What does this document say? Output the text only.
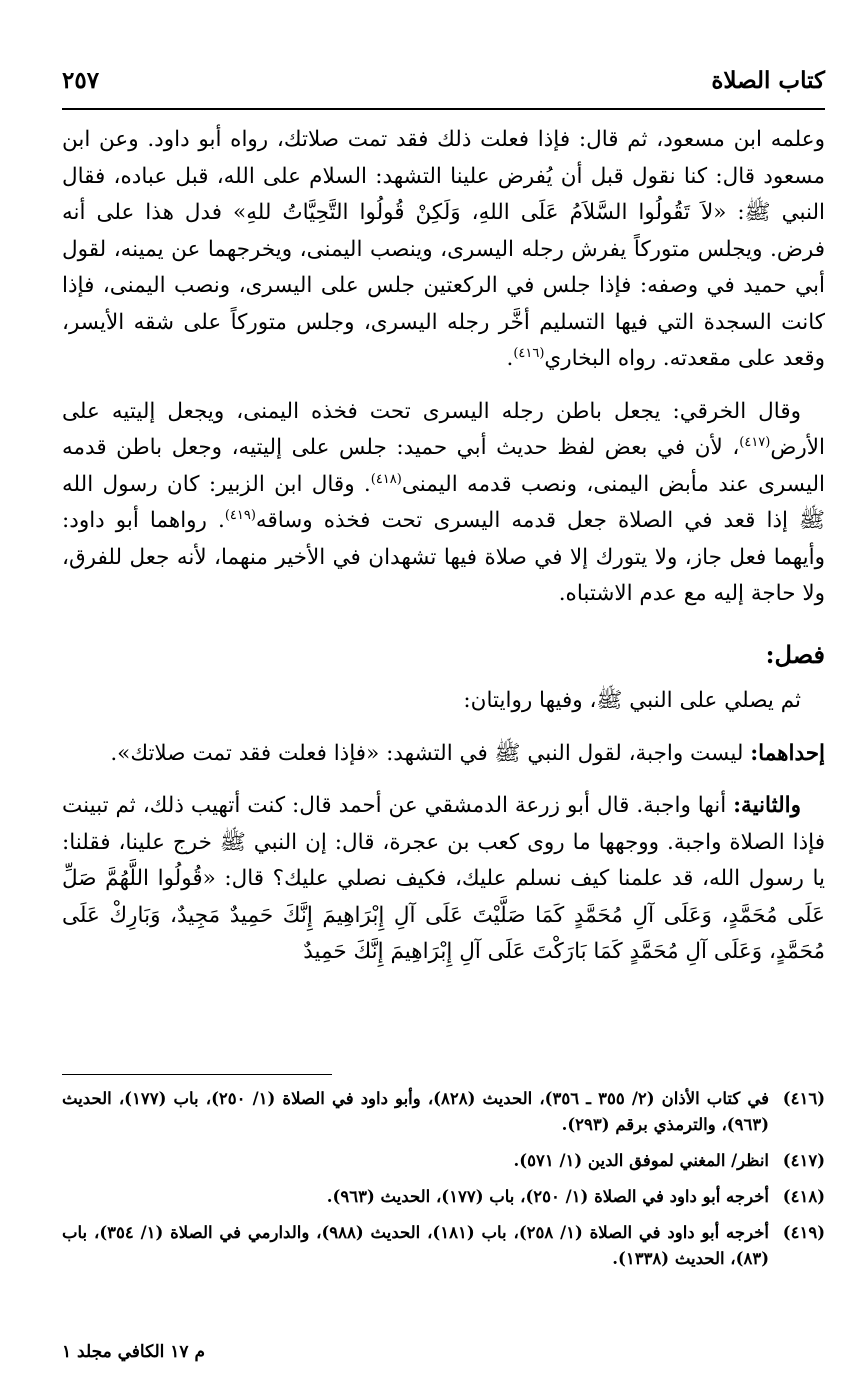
كتاب الصلاة
٢٥٧

وعلمه ابن مسعود، ثم قال: فإذا فعلت ذلك فقد تمت صلاتك، رواه أبو داود. وعن ابن مسعود قال: كنا نقول قبل أن يُفرض علينا التشهد: السلام على الله، قبل عباده، فقال النبي ﷺ: «لاَ تَقُولُوا السَّلاَمُ عَلَى اللهِ، وَلَكِنْ قُولُوا التَّحِيَّاتُ للهِ» فدل هذا على أنه فرض. ويجلس متوركاً يفرش رجله اليسرى، وينصب اليمنى، ويخرجهما عن يمينه، لقول أبي حميد في وصفه: فإذا جلس في الركعتين جلس على اليسرى، ونصب اليمنى، فإذا كانت السجدة التي فيها التسليم أخَّر رجله اليسرى، وجلس متوركاً على شقه الأيسر، وقعد على مقعدته. رواه البخاري$^{(٤١٦)}$.

وقال الخرقي: يجعل باطن رجله اليسرى تحت فخذه اليمنى، ويجعل إليتيه على الأرض$^{(٤١٧)}$، لأن في بعض لفظ حديث أبي حميد: جلس على إليتيه، وجعل باطن قدمه اليسرى عند مأبض اليمنى، ونصب قدمه اليمنى$^{(٤١٨)}$. وقال ابن الزبير: كان رسول الله ﷺ إذا قعد في الصلاة جعل قدمه اليسرى تحت فخذه وساقه$^{(٤١٩)}$. رواهما أبو داود: وأيهما فعل جاز، ولا يتورك إلا في صلاة فيها تشهدان في الأخير منهما، لأنه جعل للفرق، ولا حاجة إليه مع عدم الاشتباه.

فصل:

ثم يصلي على النبي ﷺ، وفيها روايتان:

إحداهما: ليست واجبة، لقول النبي ﷺ في التشهد: «فإذا فعلت فقد تمت صلاتك».

والثانية: أنها واجبة. قال أبو زرعة الدمشقي عن أحمد قال: كنت أتهيب ذلك، ثم تبينت فإذا الصلاة واجبة. ووجهها ما روى كعب بن عجرة، قال: إن النبي ﷺ خرج علينا، فقلنا: يا رسول الله، قد علمنا كيف نسلم عليك، فكيف نصلي عليك؟ قال: «قُولُوا اللَّهُمَّ صَلِّ عَلَى مُحَمَّدٍ، وَعَلَى آلِ مُحَمَّدٍ كَمَا صَلَّيْتَ عَلَى آلِ إِبْرَاهِيمَ إِنَّكَ حَمِيدٌ مَجِيدٌ، وَبَارِكْ عَلَى مُحَمَّدٍ، وَعَلَى آلِ مُحَمَّدٍ كَمَا بَارَكْتَ عَلَى آلِ إِبْرَاهِيمَ إِنَّكَ حَمِيدٌ

(٤١٦)
في كتاب الأذان (٢/ ٣٥٥ ـ ٣٥٦)، الحديث (٨٢٨)، وأبو داود في الصلاة (١/ ٢٥٠)، باب (١٧٧)، الحديث (٩٦٣)، والترمذي برقم (٢٩٣).
(٤١٧)
انظر/ المغني لموفق الدين (١/ ٥٧١).
(٤١٨)
أخرجه أبو داود في الصلاة (١/ ٢٥٠)، باب (١٧٧)، الحديث (٩٦٣).
(٤١٩)
أخرجه أبو داود في الصلاة (١/ ٢٥٨)، باب (١٨١)، الحديث (٩٨٨)، والدارمي في الصلاة (١/ ٣٥٤)، باب (٨٣)، الحديث (١٣٣٨).
م ١٧ الكافي مجلد ١
